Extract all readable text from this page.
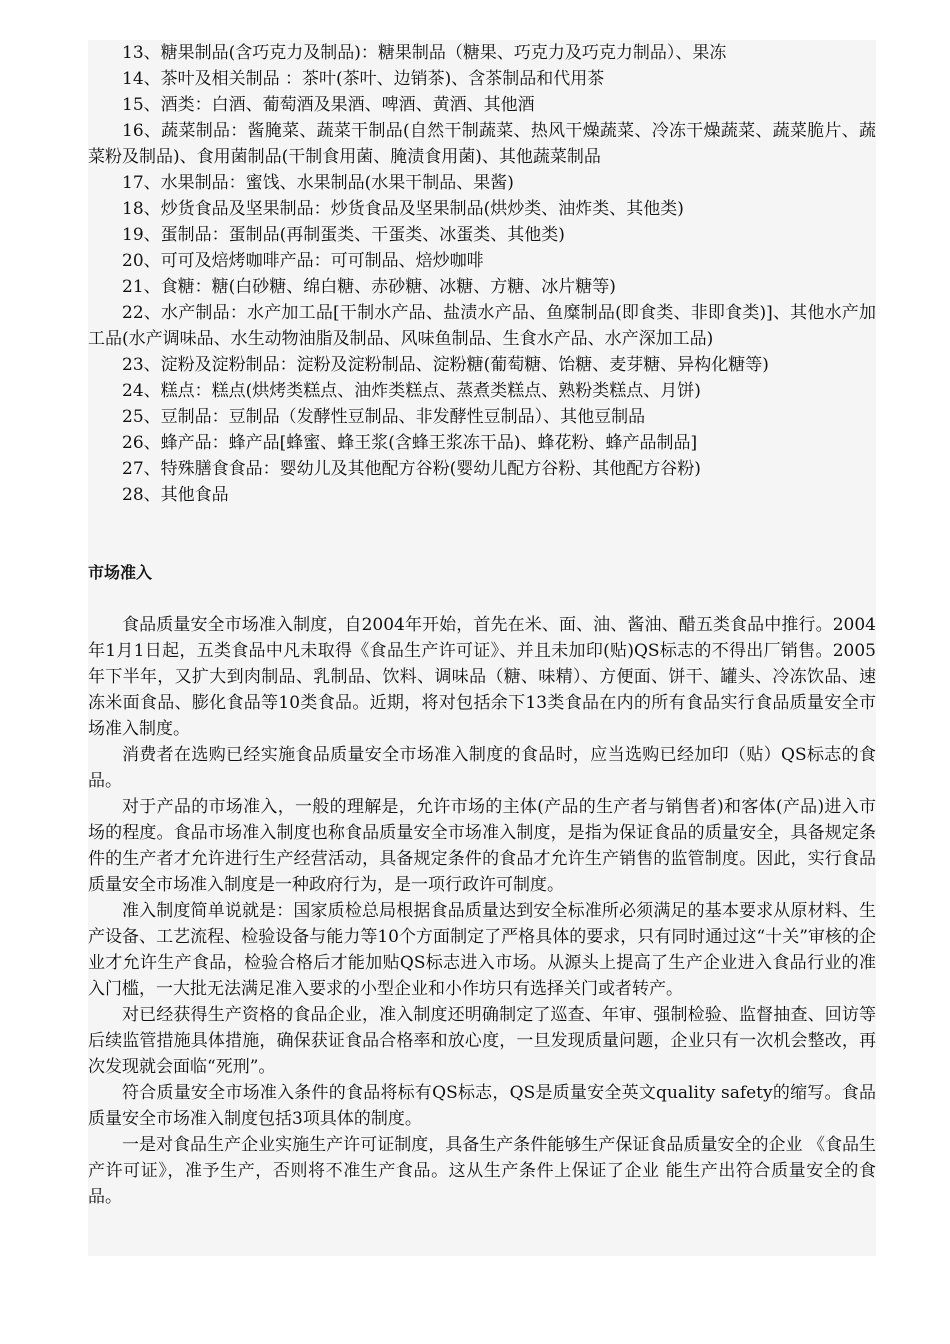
13、糖果制品(含巧克力及制品)：糖果制品（糖果、巧克力及巧克力制品）、果冻

14、茶叶及相关制品 ：茶叶(茶叶、边销茶)、含茶制品和代用茶

15、酒类：白酒、葡萄酒及果酒、啤酒、黄酒、其他酒

16、蔬菜制品：酱腌菜、蔬菜干制品(自然干制蔬菜、热风干燥蔬菜、冷冻干燥蔬菜、蔬菜脆片、蔬菜粉及制品)、食用菌制品(干制食用菌、腌渍食用菌)、其他蔬菜制品

17、水果制品：蜜饯、水果制品(水果干制品、果酱)

18、炒货食品及坚果制品：炒货食品及坚果制品(烘炒类、油炸类、其他类)

19、蛋制品：蛋制品(再制蛋类、干蛋类、冰蛋类、其他类)

20、可可及焙烤咖啡产品：可可制品、焙炒咖啡

21、食糖：糖(白砂糖、绵白糖、赤砂糖、冰糖、方糖、冰片糖等)

22、水产制品：水产加工品[干制水产品、盐渍水产品、鱼糜制品(即食类、非即食类)]、其他水产加工品(水产调味品、水生动物油脂及制品、风味鱼制品、生食水产品、水产深加工品)

23、淀粉及淀粉制品：淀粉及淀粉制品、淀粉糖(葡萄糖、饴糖、麦芽糖、异构化糖等)

24、糕点：糕点(烘烤类糕点、油炸类糕点、蒸煮类糕点、熟粉类糕点、月饼)

25、豆制品：豆制品（发酵性豆制品、非发酵性豆制品）、其他豆制品

26、蜂产品：蜂产品[蜂蜜、蜂王浆(含蜂王浆冻干品)、蜂花粉、蜂产品制品]

27、特殊膳食食品：婴幼儿及其他配方谷粉(婴幼儿配方谷粉、其他配方谷粉)

28、其他食品

市场准入

食品质量安全市场准入制度，自2004年开始，首先在米、面、油、酱油、醋五类食品中推行。2004年1月1日起，五类食品中凡未取得《食品生产许可证》、并且未加印(贴)QS标志的不得出厂销售。2005年下半年，又扩大到肉制品、乳制品、饮料、调味品（糖、味精）、方便面、饼干、罐头、冷冻饮品、速冻米面食品、膨化食品等10类食品。近期，将对包括余下13类食品在内的所有食品实行食品质量安全市场准入制度。

消费者在选购已经实施食品质量安全市场准入制度的食品时，应当选购已经加印（贴）QS标志的食品。

对于产品的市场准入，一般的理解是，允许市场的主体(产品的生产者与销售者)和客体(产品)进入市场的程度。食品市场准入制度也称食品质量安全市场准入制度，是指为保证食品的质量安全，具备规定条件的生产者才允许进行生产经营活动，具备规定条件的食品才允许生产销售的监管制度。因此，实行食品质量安全市场准入制度是一种政府行为，是一项行政许可制度。

准入制度简单说就是：国家质检总局根据食品质量达到安全标准所必须满足的基本要求从原材料、生产设备、工艺流程、检验设备与能力等10个方面制定了严格具体的要求，只有同时通过这“十关”审核的企业才允许生产食品，检验合格后才能加贴QS标志进入市场。从源头上提高了生产企业进入食品行业的准入门槛，一大批无法满足准入要求的小型企业和小作坊只有选择关门或者转产。

对已经获得生产资格的食品企业，准入制度还明确制定了巡查、年审、强制检验、监督抽查、回访等后续监管措施具体措施，确保获证食品合格率和放心度，一旦发现质量问题，企业只有一次机会整改，再次发现就会面临“死刑”。

符合质量安全市场准入条件的食品将标有QS标志，QS是质量安全英文quality safety的缩写。食品质量安全市场准入制度包括3项具体的制度。

一是对食品生产企业实施生产许可证制度，具备生产条件能够生产保证食品质量安全的企业 《食品生产许可证》，准予生产，否则将不准生产食品。这从生产条件上保证了企业 能生产出符合质量安全的食品。
